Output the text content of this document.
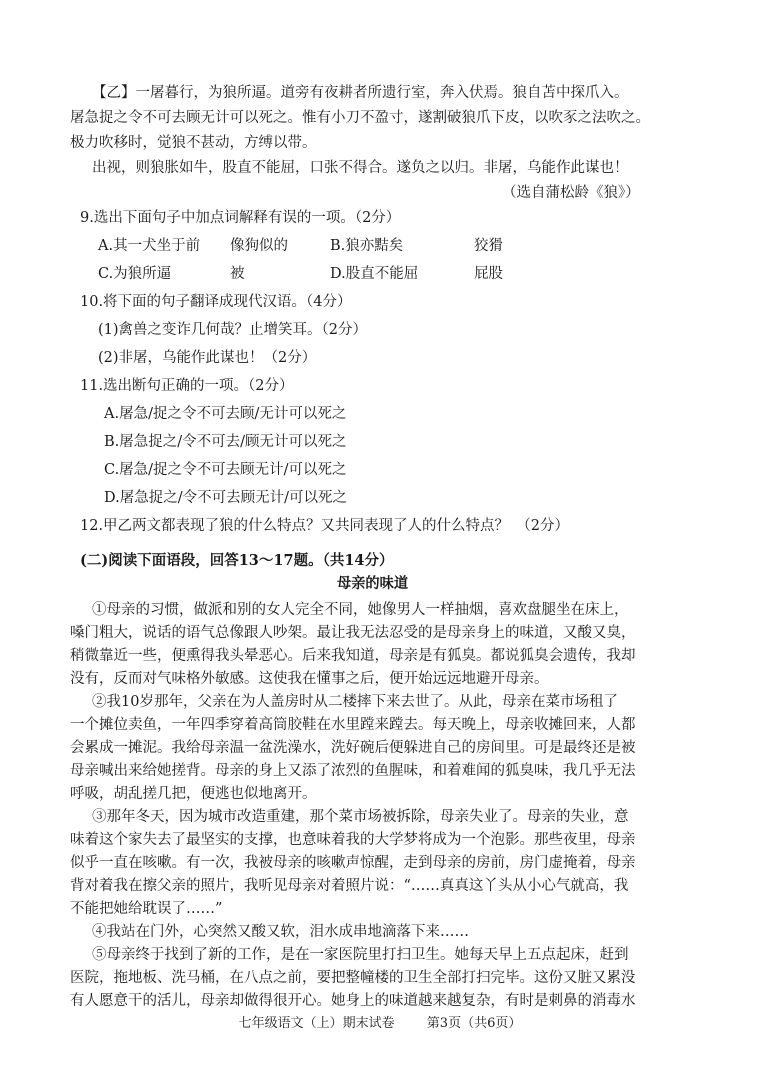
【乙】一屠暮行，为狼所逼。道旁有夜耕者所遗行室，奔入伏焉。狼自苫中探爪入。
屠急捉之令不可去顾无计可以死之。惟有小刀不盈寸，遂割破狼爪下皮，以吹豕之法吹之。
极力吹移时，觉狼不甚动，方缚以带。
出视，则狼胀如牛，股直不能屈，口张不得合。遂负之以归。非屠，乌能作此谋也！
（选自蒲松龄《狼》）
9.选出下面句子中加点词解释有误的一项。（2分）
A.其一犬坐于前 像狗似的	B.狼亦黠矣	狡猾
C.为狼所逼	被	D.股直不能屈	屁股
10.将下面的句子翻译成现代汉语。（4分）
(1)禽兽之变诈几何哉？止增笑耳。（2分）
(2)非屠，乌能作此谋也！（2分）
11.选出断句正确的一项。（2分）
A.屠急/捉之令不可去顾/无计可以死之
B.屠急捉之/令不可去/顾无计可以死之
C.屠急/捉之令不可去顾无计/可以死之
D.屠急捉之/令不可去顾无计/可以死之
12.甲乙两文都表现了狼的什么特点？又共同表现了人的什么特点？　（2分）
(二)阅读下面语段，回答13～17题。（共14分）
母亲的味道
①母亲的习惯，做派和别的女人完全不同，她像男人一样抽烟，喜欢盘腿坐在床上，
嗓门粗大，说话的语气总像跟人吵架。最让我无法忍受的是母亲身上的味道，又酸又臭，
稍微靠近一些，便熏得我头晕恶心。后来我知道，母亲是有狐臭。都说狐臭会遗传，我却
没有，反而对气味格外敏感。这使我在懂事之后，便开始远远地避开母亲。
②我10岁那年，父亲在为人盖房时从二楼摔下来去世了。从此，母亲在菜市场租了
一个摊位卖鱼，一年四季穿着高筒胶鞋在水里蹚来蹚去。每天晚上，母亲收摊回来，人都
会累成一摊泥。我给母亲温一盆洗澡水，洗好碗后便躲进自己的房间里。可是最终还是被
母亲喊出来给她搓背。母亲的身上又添了浓烈的鱼腥味，和着难闻的狐臭味，我几乎无法
呼吸，胡乱搓几把，便逃也似地离开。
③那年冬天，因为城市改造重建，那个菜市场被拆除，母亲失业了。母亲的失业，意
味着这个家失去了最坚实的支撑，也意味着我的大学梦将成为一个泡影。那些夜里，母亲
似乎一直在咳嗽。有一次，我被母亲的咳嗽声惊醒，走到母亲的房前，房门虚掩着，母亲
背对着我在擦父亲的照片，我听见母亲对着照片说：“……真真这丫头从小心气就高，我
不能把她给耽误了……”
④我站在门外，心突然又酸又软，泪水成串地滴落下来……
⑤母亲终于找到了新的工作，是在一家医院里打扫卫生。她每天早上五点起床，赶到
医院，拖地板、洗马桶，在八点之前，要把整幢楼的卫生全部打扫完毕。这份又脏又累没
有人愿意干的活儿，母亲却做得很开心。她身上的味道越来越复杂，有时是刺鼻的消毒水
七年级语文（上）期末试卷 第3页（共6页）
